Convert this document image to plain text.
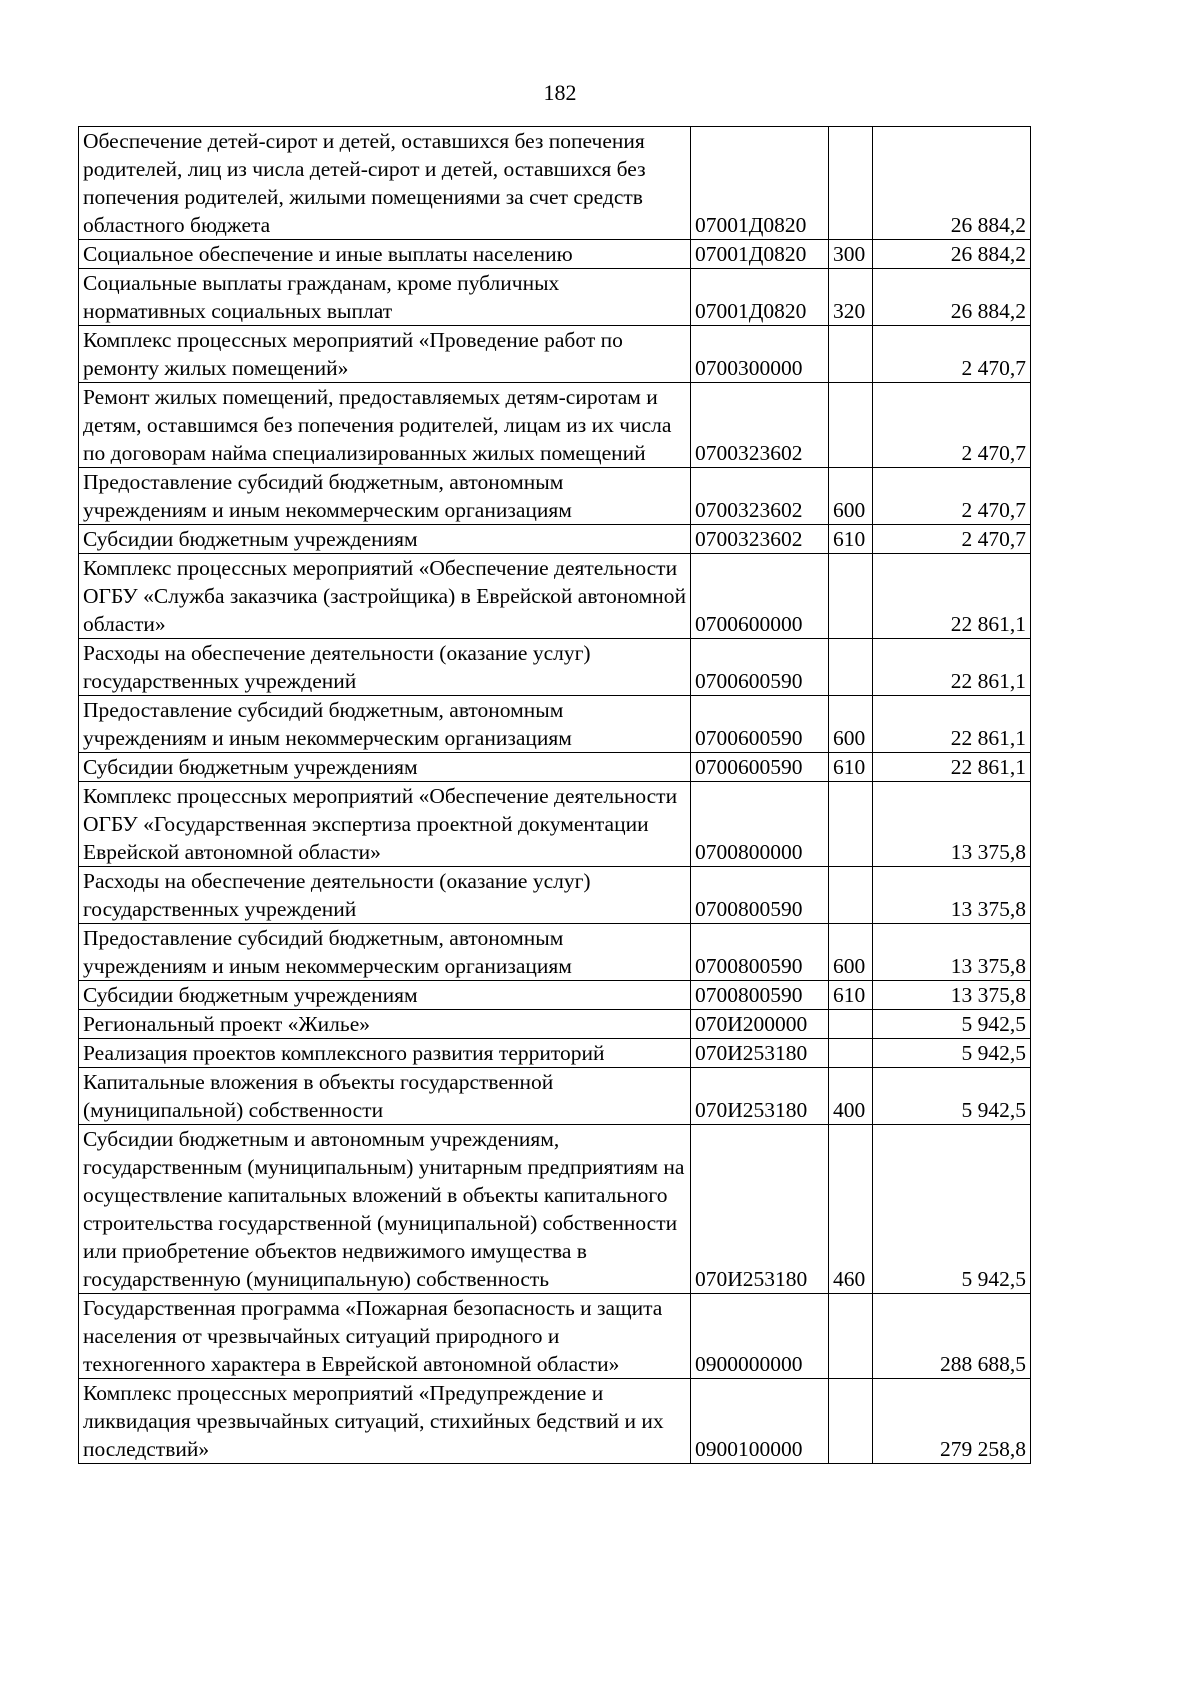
182
Обеспечение детей-сирот и детей, оставшихся без попечения родителей, лиц из числа детей-сирот и детей, оставшихся без попечения родителей, жилыми помещениями за счет средств областного бюджета	07001Д0820		26 884,2
Социальное обеспечение и иные выплаты населению	07001Д0820	300	26 884,2
Социальные выплаты гражданам, кроме публичных нормативных социальных выплат	07001Д0820	320	26 884,2
Комплекс процессных мероприятий «Проведение работ по ремонту жилых помещений»	0700300000		2 470,7
Ремонт жилых помещений, предоставляемых детям-сиротам и детям, оставшимся без попечения родителей, лицам из их числа по договорам найма специализированных жилых помещений	0700323602		2 470,7
Предоставление субсидий бюджетным, автономным учреждениям и иным некоммерческим организациям	0700323602	600	2 470,7
Субсидии бюджетным учреждениям	0700323602	610	2 470,7
Комплекс процессных мероприятий «Обеспечение деятельности ОГБУ «Служба заказчика (застройщика) в Еврейской автономной области»	0700600000		22 861,1
Расходы на обеспечение деятельности (оказание услуг) государственных учреждений	0700600590		22 861,1
Предоставление субсидий бюджетным, автономным учреждениям и иным некоммерческим организациям	0700600590	600	22 861,1
Субсидии бюджетным учреждениям	0700600590	610	22 861,1
Комплекс процессных мероприятий «Обеспечение деятельности ОГБУ «Государственная экспертиза проектной документации Еврейской автономной области»	0700800000		13 375,8
Расходы на обеспечение деятельности (оказание услуг) государственных учреждений	0700800590		13 375,8
Предоставление субсидий бюджетным, автономным учреждениям и иным некоммерческим организациям	0700800590	600	13 375,8
Субсидии бюджетным учреждениям	0700800590	610	13 375,8
Региональный проект «Жилье»	070И200000		5 942,5
Реализация проектов комплексного развития территорий	070И253180		5 942,5
Капитальные вложения в объекты государственной (муниципальной) собственности	070И253180	400	5 942,5
Субсидии бюджетным и автономным учреждениям, государственным (муниципальным) унитарным предприятиям на осуществление капитальных вложений в объекты капитального строительства государственной (муниципальной) собственности или приобретение объектов недвижимого имущества в государственную (муниципальную) собственность	070И253180	460	5 942,5
Государственная программа «Пожарная безопасность и защита населения от чрезвычайных ситуаций природного и техногенного характера в Еврейской автономной области»	0900000000		288 688,5
Комплекс процессных мероприятий «Предупреждение и ликвидация чрезвычайных ситуаций, стихийных бедствий и их последствий»	0900100000		279 258,8
